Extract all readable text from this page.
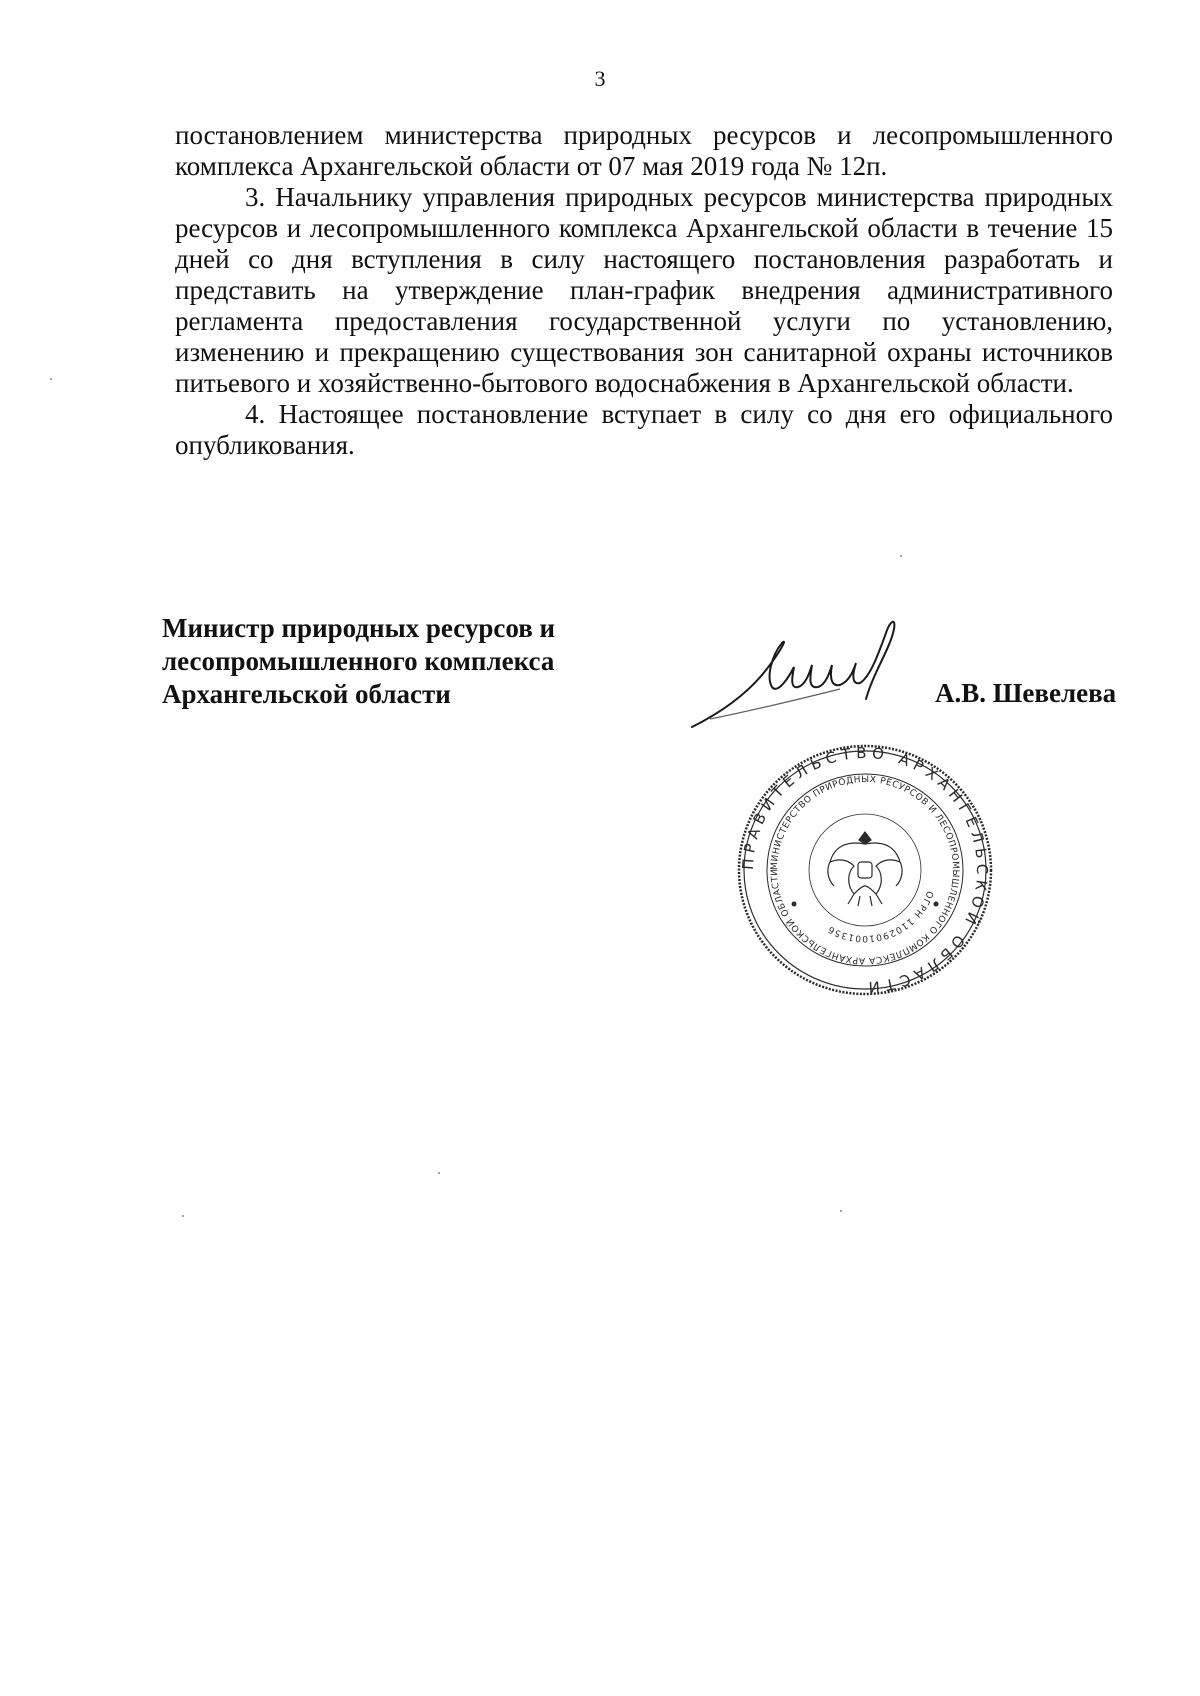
3

постановлением министерства природных ресурсов и лесопромышленного комплекса Архангельской области от 07 мая 2019 года № 12п.

3. Начальнику управления природных ресурсов министерства природных ресурсов и лесопромышленного комплекса Архангельской области в течение 15 дней со дня вступления в силу настоящего постановления разработать и представить на утверждение план-график внедрения административного регламента предоставления государственной услуги по установлению, изменению и прекращению существования зон санитарной охраны источников питьевого и хозяйственно-бытового водоснабжения в Архангельской области.

4. Настоящее постановление вступает в силу со дня его официального опубликования.

Министр природных ресурсов и
лесопромышленного комплекса
Архангельской области	А.В. Шевелева
ПРАВИТЕЛЬСТВО АРХАНГЕЛЬСКОЙ ОБЛАСТИ
МИНИСТЕРСТВО ПРИРОДНЫХ РЕСУРСОВ И ЛЕСОПРОМЫШЛЕННОГО КОМПЛЕКСА АРХАНГЕЛЬСКОЙ ОБЛАСТИ
ОГРН 1102901001356
